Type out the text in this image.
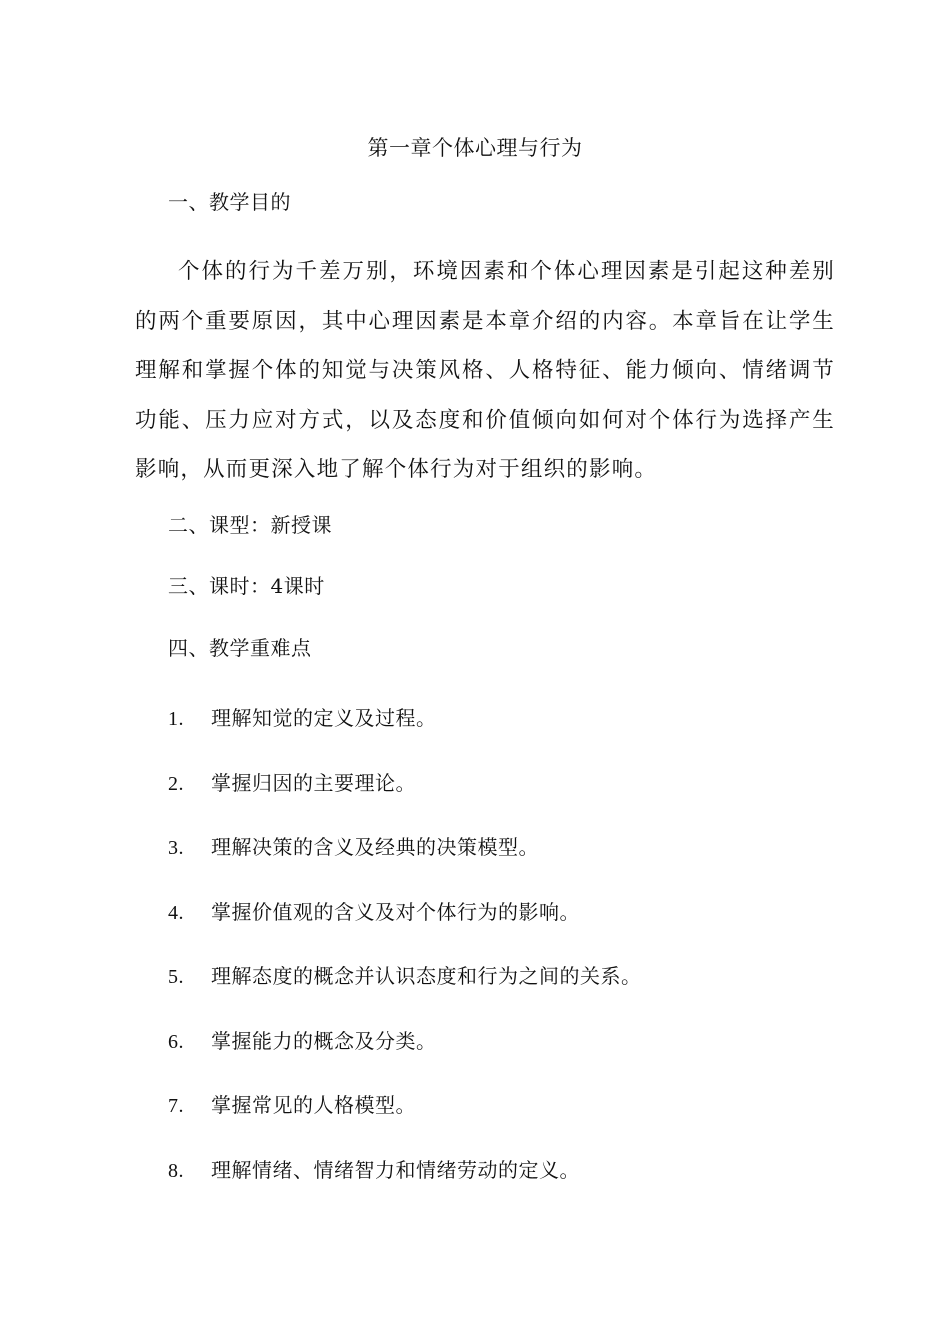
第一章个体心理与行为
一、教学目的
个体的行为千差万别，环境因素和个体心理因素是引起这种差别的两个重要原因，其中心理因素是本章介绍的内容。本章旨在让学生理解和掌握个体的知觉与决策风格、人格特征、能力倾向、情绪调节功能、压力应对方式，以及态度和价值倾向如何对个体行为选择产生影响，从而更深入地了解个体行为对于组织的影响。
二、课型：新授课
三、课时：4课时
四、教学重难点
1. 理解知觉的定义及过程。
2. 掌握归因的主要理论。
3. 理解决策的含义及经典的决策模型。
4. 掌握价值观的含义及对个体行为的影响。
5. 理解态度的概念并认识态度和行为之间的关系。
6. 掌握能力的概念及分类。
7. 掌握常见的人格模型。
8. 理解情绪、情绪智力和情绪劳动的定义。
